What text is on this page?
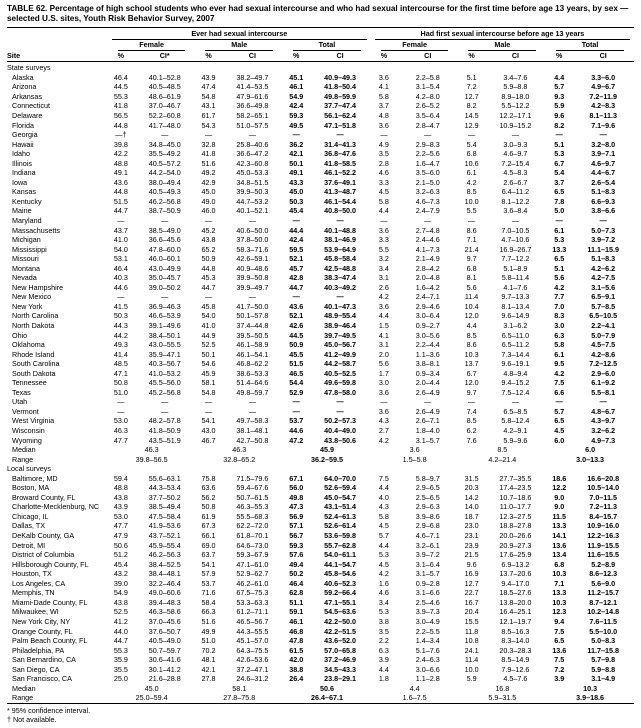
TABLE 62. Percentage of high school students who ever had sexual intercourse and who had sexual intercourse for the first time before age 13 years, by sex — selected U.S. sites, Youth Risk Behavior Survey, 2007

	Ever had sexual intercourse						Had first sexual intercourse before age 13 years					

	Female		Male		Total		Female		Male		Total	

Site	%	CI*	%	CI	%	CI	%	CI	%	CI	%	CI
State surveys												
Alaska	46.4	40.1–52.8	43.9	38.2–49.7	45.1	40.9–49.3	3.6	2.2–5.8	5.1	3.4–7.6	4.4	3.3–6.0
Arizona	44.5	40.5–48.5	47.4	41.4–53.5	46.1	41.8–50.4	4.1	3.1–5.4	7.2	5.9–8.8	5.7	4.9–6.7
Arkansas	55.3	48.6–61.9	54.8	47.9–61.6	54.9	49.8–59.9	5.8	4.2–8.0	12.7	8.9–18.0	9.3	7.2–11.9
Connecticut	41.8	37.0–46.7	43.1	36.6–49.8	42.4	37.7–47.4	3.7	2.6–5.2	8.2	5.5–12.2	5.9	4.2–8.3
Delaware	56.5	52.2–60.8	61.7	58.2–65.1	59.3	56.1–62.4	4.8	3.5–6.4	14.5	12.2–17.1	9.6	8.1–11.3
Florida	44.8	41.7–48.0	54.3	51.0–57.5	49.5	47.1–51.8	3.6	2.8–4.7	12.9	10.9–15.2	8.2	7.1–9.6
Georgia	—†	—	—	—	—	—	—	—	—	—	—	—
Hawaii	39.8	34.8–45.0	32.8	25.8–40.6	36.2	31.4–41.3	4.9	2.9–8.3	5.4	3.0–9.3	5.1	3.2–8.0
Idaho	42.2	35.5–49.2	41.8	36.6–47.2	42.1	36.8–47.6	3.5	2.2–5.6	6.8	4.6–9.7	5.3	3.9–7.1
Illinois	48.8	40.5–57.2	51.6	42.3–60.8	50.1	41.8–58.5	2.8	1.6–4.7	10.6	7.2–15.4	6.7	4.6–9.7
Indiana	49.1	44.2–54.0	49.2	45.0–53.3	49.1	46.1–52.2	4.6	3.5–6.0	6.1	4.5–8.3	5.4	4.4–6.7
Iowa	43.6	38.0–49.4	42.9	34.8–51.5	43.3	37.6–49.1	3.3	2.1–5.0	4.2	2.6–6.7	3.7	2.6–5.4
Kansas	44.8	40.5–49.3	45.0	39.9–50.3	45.0	41.3–48.7	4.5	3.2–6.3	8.5	6.4–11.2	6.5	5.1–8.3
Kentucky	51.5	46.2–56.8	49.0	44.7–53.2	50.3	46.1–54.4	5.8	4.6–7.3	10.0	8.1–12.2	7.8	6.6–9.3
Maine	44.7	38.7–50.9	46.0	40.1–52.1	45.4	40.8–50.0	4.4	2.4–7.9	5.5	3.6–8.4	5.0	3.8–6.6
Maryland	—	—	—	—	—	—	—	—	—	—	—	—
Massachusetts	43.7	38.5–49.0	45.2	40.6–50.0	44.4	40.1–48.8	3.6	2.7–4.8	8.6	7.0–10.5	6.1	5.0–7.3
Michigan	41.0	36.6–45.6	43.8	37.8–50.0	42.4	38.1–46.9	3.3	2.4–4.6	7.1	4.7–10.6	5.3	3.9–7.2
Mississippi	54.0	47.8–60.0	65.2	58.3–71.6	59.5	53.9–64.9	5.5	4.1–7.3	21.4	16.9–26.7	13.3	11.1–15.9
Missouri	53.1	46.0–60.1	50.9	42.6–59.1	52.1	45.8–58.4	3.2	2.1–4.9	9.7	7.7–12.2	6.5	5.1–8.3
Montana	46.4	43.0–49.9	44.8	40.9–48.6	45.7	42.5–48.8	3.4	2.8–4.2	6.8	5.1–8.9	5.1	4.2–6.2
Nevada	40.3	35.0–45.7	45.3	39.9–50.8	42.8	38.3–47.4	3.1	2.0–4.8	8.1	5.8–11.4	5.6	4.2–7.5
New Hampshire	44.6	39.0–50.2	44.7	39.9–49.7	44.7	40.3–49.2	2.6	1.6–4.2	5.6	4.1–7.6	4.2	3.1–5.6
New Mexico	—	—	—	—	—	—	4.2	2.4–7.1	11.4	9.7–13.3	7.7	6.5–9.1
New York	41.5	36.9–46.3	45.8	41.7–50.0	43.6	40.1–47.3	3.6	2.9–4.6	10.4	8.1–13.4	7.0	5.7–8.5
North Carolina	50.3	46.6–53.9	54.0	50.1–57.8	52.1	48.9–55.4	4.4	3.0–6.4	12.0	9.6–14.9	8.3	6.5–10.5
North Dakota	44.3	39.1–49.6	41.0	37.4–44.8	42.6	38.9–46.4	1.5	0.9–2.7	4.4	3.1–6.2	3.0	2.2–4.1
Ohio	44.2	38.4–50.1	44.9	39.5–50.5	44.5	39.7–49.5	4.1	3.0–5.6	8.5	6.5–11.0	6.3	5.0–7.9
Oklahoma	49.3	43.0–55.5	52.5	46.1–58.9	50.9	45.0–56.7	3.1	2.2–4.4	8.6	6.5–11.2	5.8	4.5–7.5
Rhode Island	41.4	35.9–47.1	50.1	46.1–54.1	45.5	41.2–49.9	2.0	1.1–3.6	10.3	7.3–14.4	6.1	4.2–8.6
South Carolina	48.5	40.3–56.7	54.6	46.8–62.2	51.5	44.2–58.7	5.6	3.8–8.1	13.7	9.6–19.1	9.5	7.2–12.5
South Dakota	47.1	41.0–53.2	45.9	38.6–53.3	46.5	40.5–52.5	1.7	0.9–3.4	6.7	4.8–9.4	4.2	2.9–6.0
Tennessee	50.8	45.5–56.0	58.1	51.4–64.6	54.4	49.6–59.8	3.0	2.0–4.4	12.0	9.4–15.2	7.5	6.1–9.2
Texas	51.0	45.2–56.8	54.8	49.8–59.7	52.9	47.8–58.0	3.6	2.6–4.9	9.7	7.5–12.4	6.6	5.5–8.1
Utah	—	—	—	—	—	—	—	—	—	—	—	—
Vermont	—	—	—	—	—	—	3.6	2.6–4.9	7.4	6.5–8.5	5.7	4.8–6.7
West Virginia	53.0	48.2–57.8	54.1	49.7–58.3	53.7	50.2–57.3	4.3	2.6–7.1	8.5	5.8–12.4	6.5	4.3–9.7
Wisconsin	46.3	41.8–50.9	43.0	38.1–48.1	44.6	40.4–49.0	2.7	1.8–4.0	6.2	4.2–9.1	4.5	3.2–6.2
Wyoming	47.7	43.5–51.9	46.7	42.7–50.8	47.2	43.8–50.6	4.2	3.1–5.7	7.6	5.9–9.6	6.0	4.9–7.3
Median	46.3		46.3		45.9		3.6		8.5		6.0	
Range	39.8–56.5		32.8–65.2		36.2–59.5		1.5–5.8		4.2–21.4		3.0–13.3	
Local surveys												
Baltimore, MD	59.4	55.6–63.1	75.8	71.5–79.6	67.1	64.0–70.0	7.5	5.8–9.7	31.5	27.7–35.5	18.6	16.6–20.8
Boston, MA	48.8	44.3–53.4	63.6	59.4–67.6	56.0	52.6–59.4	4.4	2.9–6.5	20.3	17.4–23.5	12.2	10.5–14.0
Broward County, FL	43.8	37.7–50.2	56.2	50.7–61.5	49.8	45.0–54.7	4.0	2.5–6.5	14.2	10.7–18.6	9.0	7.0–11.5
Charlotte-Mecklenburg, NC	43.9	38.5–49.4	50.8	46.3–55.3	47.3	43.1–51.4	4.3	2.9–6.3	14.0	11.0–17.7	9.0	7.2–11.3
Chicago, IL	53.0	47.5–58.4	61.9	55.5–68.3	56.9	52.4–61.3	5.8	3.9–8.6	18.7	12.3–27.5	11.5	8.4–15.7
Dallas, TX	47.7	41.9–53.6	67.3	62.2–72.0	57.1	52.6–61.4	4.5	2.9–6.8	23.0	18.8–27.8	13.3	10.9–16.0
DeKalb County, GA	47.9	43.7–52.1	66.1	61.8–70.1	56.7	53.6–59.8	5.7	4.6–7.1	23.1	20.0–26.6	14.1	12.2–16.3
Detroit, MI	50.6	45.9–55.4	69.0	64.6–73.0	59.3	55.7–62.8	4.4	3.2–6.1	23.9	20.9–27.3	13.6	11.9–15.5
District of Columbia	51.2	46.2–56.3	63.7	59.3–67.9	57.6	54.0–61.1	5.3	3.9–7.2	21.5	17.6–25.9	13.4	11.6–15.5
Hillsborough County, FL	45.4	38.4–52.5	54.1	47.1–61.0	49.4	44.1–54.7	4.5	3.1–6.4	9.6	6.9–13.2	6.8	5.2–8.9
Houston, TX	43.2	38.4–48.1	57.9	52.9–62.7	50.2	45.8–54.6	4.2	3.1–5.7	16.9	13.7–20.6	10.3	8.6–12.3
Los Angeles, CA	39.0	32.2–46.4	53.7	46.2–61.0	46.4	40.6–52.3	1.6	0.9–2.8	12.7	9.4–17.0	7.1	5.6–9.0
Memphis, TN	54.9	49.0–60.6	71.6	67.5–75.3	62.8	59.2–66.4	4.6	3.1–6.6	22.7	18.5–27.6	13.3	11.2–15.7
Miami-Dade County, FL	43.8	39.4–48.3	58.4	53.3–63.3	51.1	47.1–55.1	3.4	2.5–4.6	16.7	13.8–20.0	10.3	8.7–12.1
Milwaukee, WI	52.5	46.3–58.6	66.3	61.2–71.1	59.1	54.5–63.6	5.3	3.9–7.3	20.4	16.4–25.1	12.3	10.2–14.8
New York City, NY	41.2	37.0–45.6	51.6	46.5–56.7	46.1	42.2–50.0	3.8	3.0–4.9	15.5	12.1–19.7	9.4	7.6–11.5
Orange County, FL	44.0	37.6–50.7	49.9	44.3–55.5	46.8	42.2–51.5	3.5	2.2–5.5	11.8	8.5–16.3	7.5	5.5–10.0
Palm Beach County, FL	44.7	40.5–49.0	51.0	45.1–57.0	47.8	43.6–52.0	2.2	1.4–3.4	10.8	8.3–14.0	6.5	5.0–8.3
Philadelphia, PA	55.3	50.7–59.7	70.2	64.3–75.5	61.5	57.0–65.8	6.3	5.1–7.6	24.1	20.3–28.3	13.6	11.7–15.8
San Bernardino, CA	35.9	30.6–41.6	48.1	42.6–53.6	42.0	37.2–46.9	3.9	2.4–6.3	11.4	8.5–14.9	7.5	5.7–9.8
San Diego, CA	35.5	30.1–41.2	42.1	37.2–47.1	38.8	34.5–43.3	4.4	3.0–6.6	10.0	7.9–12.6	7.2	5.9–8.8
San Francisco, CA	25.0	21.6–28.8	27.8	24.6–31.2	26.4	23.8–29.1	1.8	1.1–2.8	5.9	4.5–7.6	3.9	3.1–4.9
Median	45.0		58.1		50.6		4.4		16.8		10.3	
Range	25.0–59.4		27.8–75.8		26.4–67.1		1.6–7.5		5.9–31.5		3.9–18.6	
* 95% confidence interval.
† Not available.
